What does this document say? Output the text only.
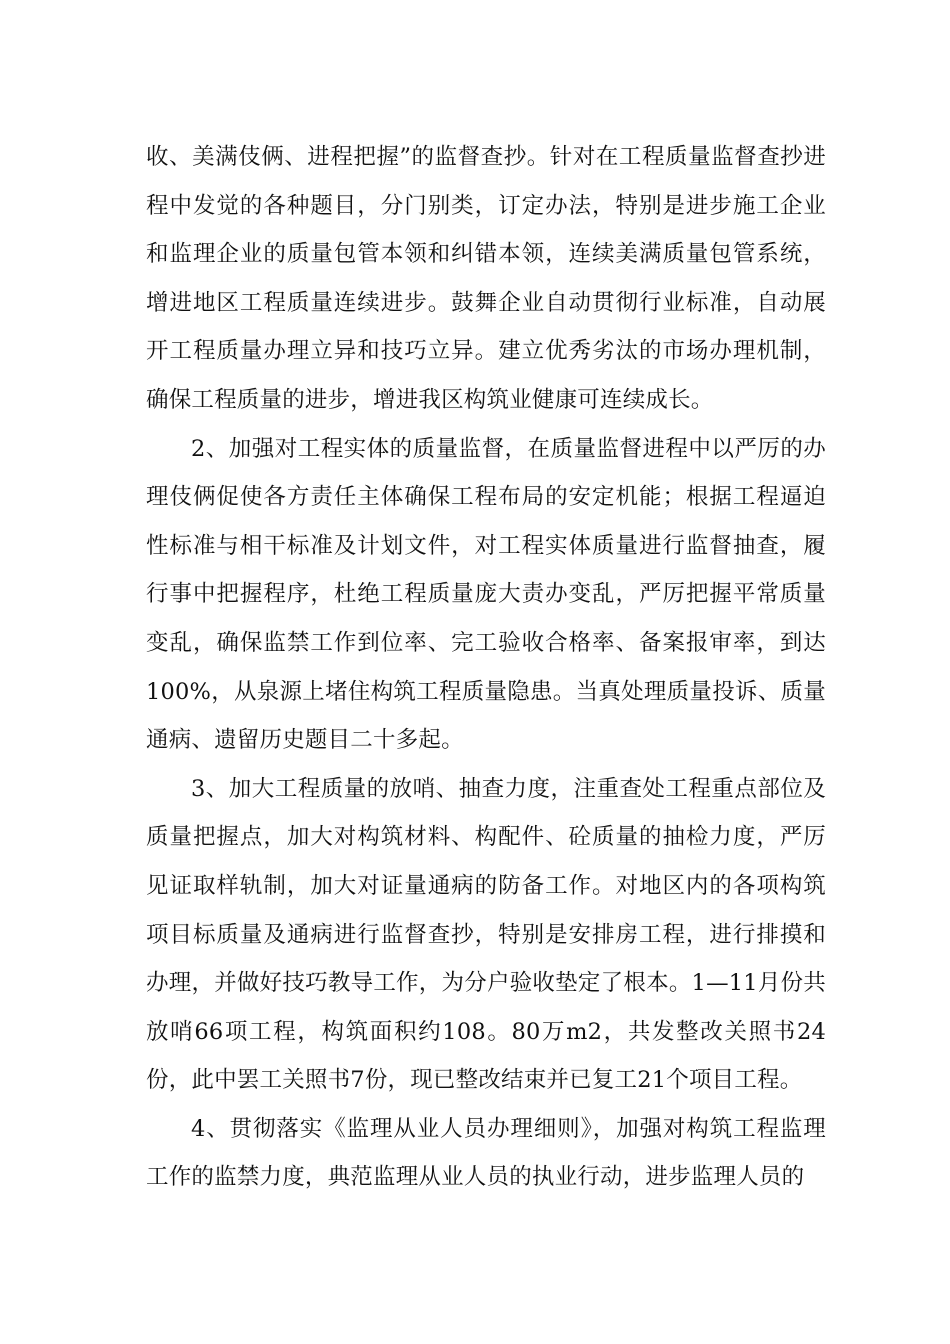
收、美满伎俩、进程把握”的监督查抄。针对在工程质量监督查抄进程中发觉的各种题目，分门别类，订定办法，特别是进步施工企业和监理企业的质量包管本领和纠错本领，连续美满质量包管系统，增进地区工程质量连续进步。鼓舞企业自动贯彻行业标准，自动展开工程质量办理立异和技巧立异。建立优秀劣汰的市场办理机制，确保工程质量的进步，增进我区构筑业健康可连续成长。

2、加强对工程实体的质量监督，在质量监督进程中以严厉的办理伎俩促使各方责任主体确保工程布局的安定机能；根据工程逼迫性标准与相干标准及计划文件，对工程实体质量进行监督抽查，履行事中把握程序，杜绝工程质量庞大责办变乱，严厉把握平常质量变乱，确保监禁工作到位率、完工验收合格率、备案报审率，到达100%，从泉源上堵住构筑工程质量隐患。当真处理质量投诉、质量通病、遗留历史题目二十多起。

3、加大工程质量的放哨、抽查力度，注重查处工程重点部位及质量把握点，加大对构筑材料、构配件、砼质量的抽检力度，严厉见证取样轨制，加大对证量通病的防备工作。对地区内的各项构筑项目标质量及通病进行监督查抄，特别是安排房工程，进行排摸和办理，并做好技巧教导工作，为分户验收垫定了根本。1—11月份共放哨66项工程，构筑面积约108。80万m2，共发整改关照书24份，此中罢工关照书7份，现已整改结束并已复工21个项目工程。

4、贯彻落实《监理从业人员办理细则》，加强对构筑工程监理工作的监禁力度，典范监理从业人员的执业行动，进步监理人员的
